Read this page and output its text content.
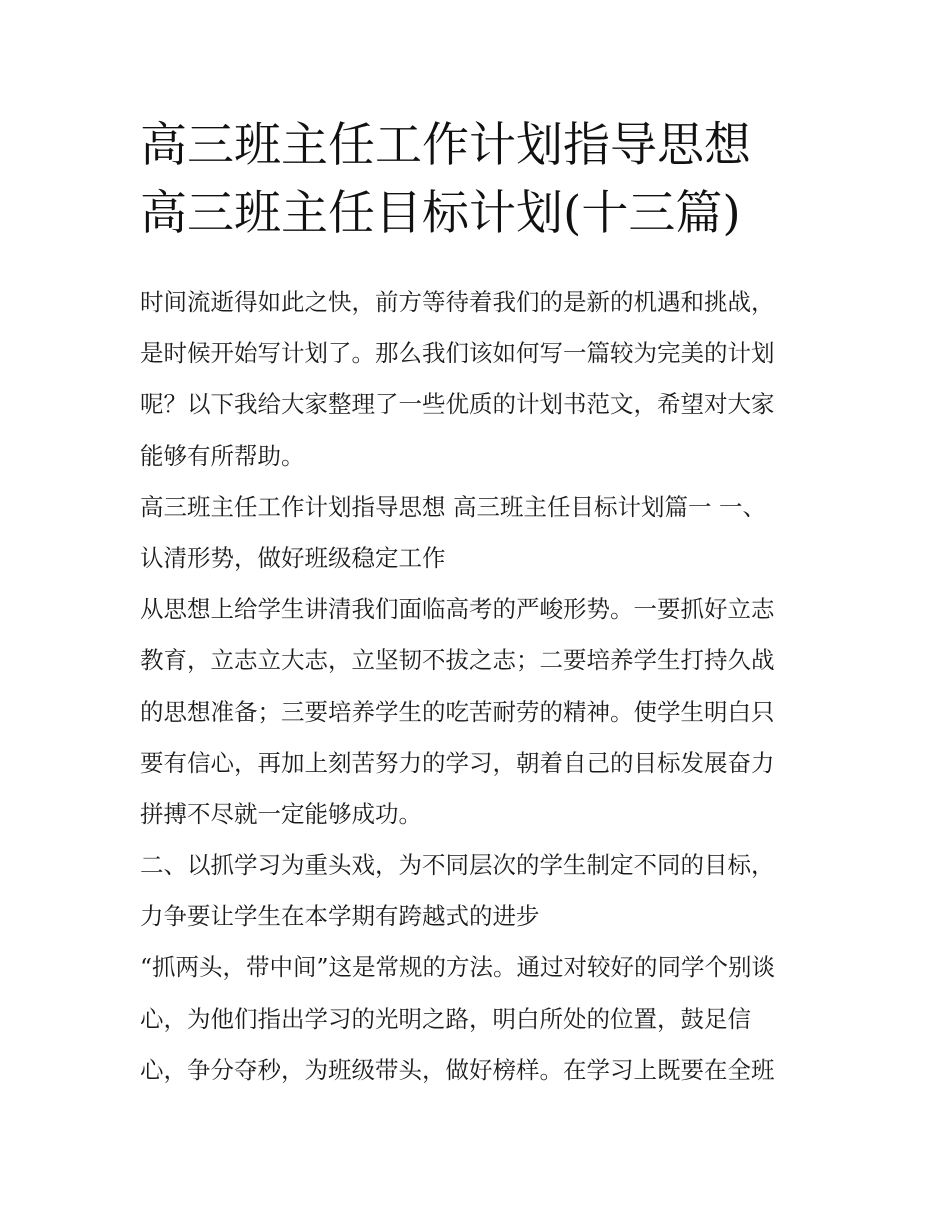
高三班主任工作计划指导思想
高三班主任目标计划(十三篇)
时间流逝得如此之快，前方等待着我们的是新的机遇和挑战，
是时候开始写计划了。那么我们该如何写一篇较为完美的计划
呢？以下我给大家整理了一些优质的计划书范文，希望对大家
能够有所帮助。
高三班主任工作计划指导思想 高三班主任目标计划篇一 一、
认清形势，做好班级稳定工作
从思想上给学生讲清我们面临高考的严峻形势。一要抓好立志
教育，立志立大志，立坚韧不拔之志；二要培养学生打持久战
的思想准备；三要培养学生的吃苦耐劳的精神。使学生明白只
要有信心，再加上刻苦努力的学习，朝着自己的目标发展奋力
拼搏不尽就一定能够成功。
二、以抓学习为重头戏，为不同层次的学生制定不同的目标，
力争要让学生在本学期有跨越式的进步
“抓两头，带中间”这是常规的方法。通过对较好的同学个别谈
心，为他们指出学习的光明之路，明白所处的位置，鼓足信
心，争分夺秒，为班级带头，做好榜样。在学习上既要在全班
